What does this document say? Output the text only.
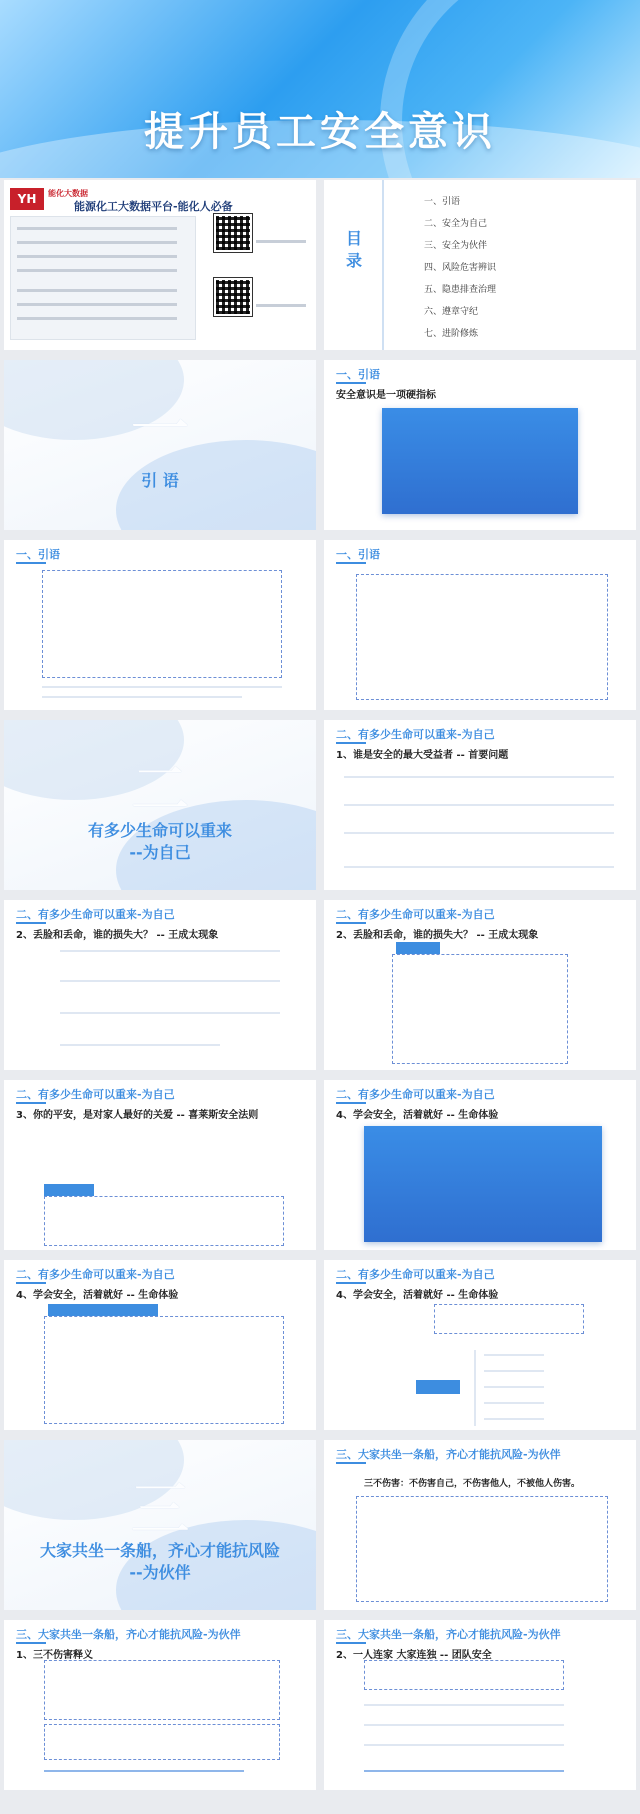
提升员工安全意识
YH	能化大数据
能源化工大数据平台-能化人必备
目录
一、引语
二、安全为自己
三、安全为伙伴
四、风险危害辨识
五、隐患排查治理
六、遵章守纪
七、进阶修炼
一
引 语
一、引语
安全意识是一项硬指标
一、引语	一、引语
二
有多少生命可以重来
--为自己
二、有多少生命可以重来-为自己
1、谁是安全的最大受益者 -- 首要问题
二、有多少生命可以重来-为自己
2、丢脸和丢命，谁的损失大？ -- 王成太现象
二、有多少生命可以重来-为自己
2、丢脸和丢命，谁的损失大？ -- 王成太现象
二、有多少生命可以重来-为自己
3、你的平安，是对家人最好的关爱 -- 喜莱斯安全法则
二、有多少生命可以重来-为自己
4、学会安全，活着就好 -- 生命体验
二、有多少生命可以重来-为自己
4、学会安全，活着就好 -- 生命体验
二、有多少生命可以重来-为自己
4、学会安全，活着就好 -- 生命体验
三
大家共坐一条船，齐心才能抗风险
--为伙伴
三、大家共坐一条船，齐心才能抗风险-为伙伴
三不伤害：不伤害自己，不伤害他人，不被他人伤害。
三、大家共坐一条船，齐心才能抗风险-为伙伴
1、三不伤害释义
三、大家共坐一条船，齐心才能抗风险-为伙伴
2、一人连家 大家连独 -- 团队安全
